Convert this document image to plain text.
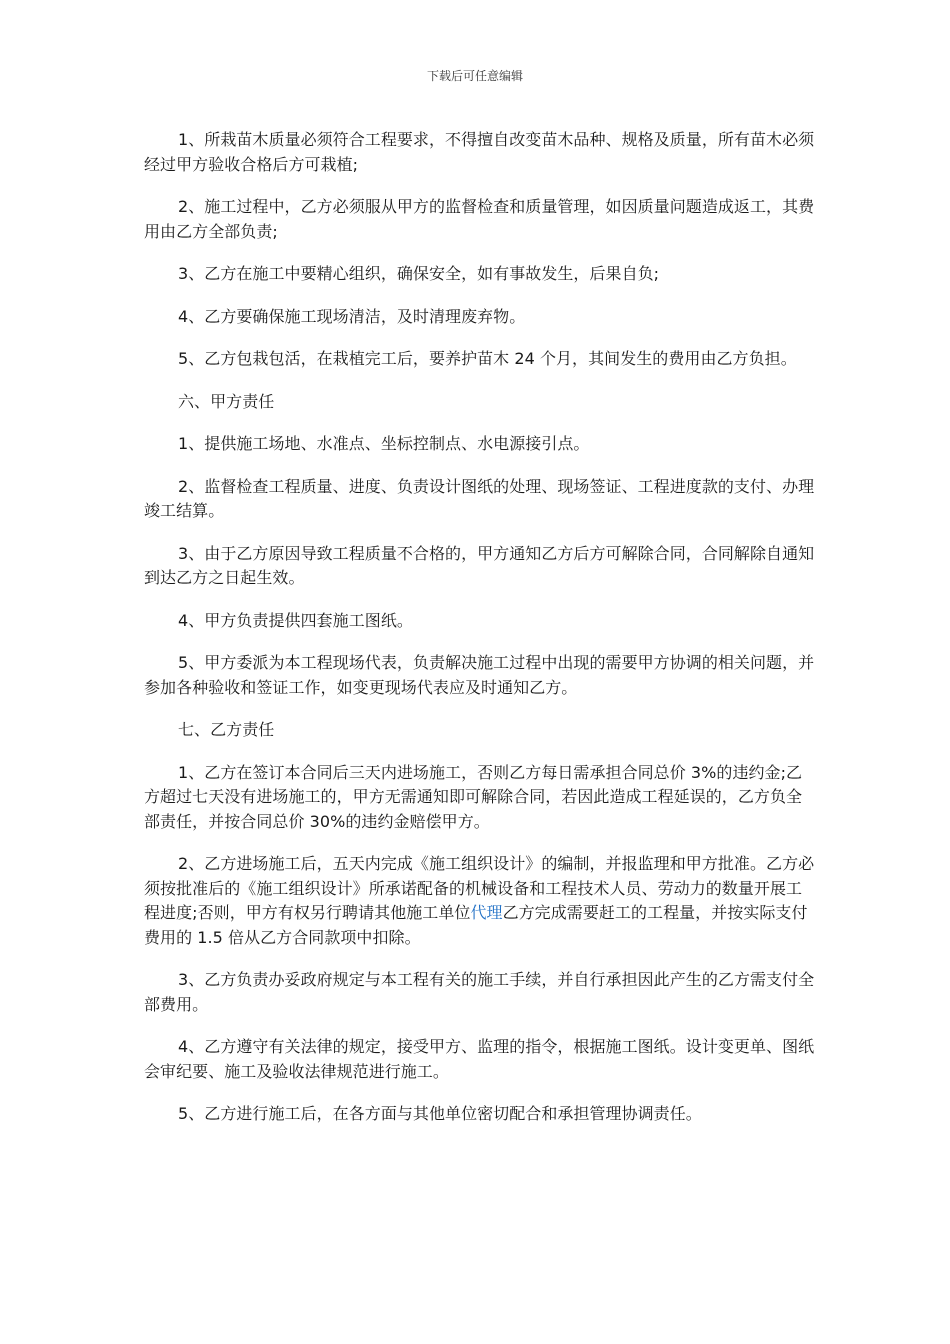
下载后可任意编辑

1、所栽苗木质量必须符合工程要求，不得擅自改变苗木品种、规格及质量，所有苗木必须经过甲方验收合格后方可栽植;

2、施工过程中，乙方必须服从甲方的监督检查和质量管理，如因质量问题造成返工，其费用由乙方全部负责;

3、乙方在施工中要精心组织，确保安全，如有事故发生，后果自负;

4、乙方要确保施工现场清洁，及时清理废弃物。

5、乙方包栽包活，在栽植完工后，要养护苗木 24 个月，其间发生的费用由乙方负担。

六、甲方责任

1、提供施工场地、水准点、坐标控制点、水电源接引点。

2、监督检查工程质量、进度、负责设计图纸的处理、现场签证、工程进度款的支付、办理竣工结算。

3、由于乙方原因导致工程质量不合格的，甲方通知乙方后方可解除合同，合同解除自通知到达乙方之日起生效。

4、甲方负责提供四套施工图纸。

5、甲方委派为本工程现场代表，负责解决施工过程中出现的需要甲方协调的相关问题，并参加各种验收和签证工作，如变更现场代表应及时通知乙方。

七、乙方责任

1、乙方在签订本合同后三天内进场施工，否则乙方每日需承担合同总价 3%的违约金;乙方超过七天没有进场施工的，甲方无需通知即可解除合同，若因此造成工程延误的，乙方负全部责任，并按合同总价 30%的违约金赔偿甲方。

2、乙方进场施工后，五天内完成《施工组织设计》的编制，并报监理和甲方批准。乙方必须按批准后的《施工组织设计》所承诺配备的机械设备和工程技术人员、劳动力的数量开展工程进度;否则，甲方有权另行聘请其他施工单位代理乙方完成需要赶工的工程量，并按实际支付费用的 1.5 倍从乙方合同款项中扣除。

3、乙方负责办妥政府规定与本工程有关的施工手续，并自行承担因此产生的乙方需支付全部费用。

4、乙方遵守有关法律的规定，接受甲方、监理的指令，根据施工图纸。设计变更单、图纸会审纪要、施工及验收法律规范进行施工。

5、乙方进行施工后，在各方面与其他单位密切配合和承担管理协调责任。
